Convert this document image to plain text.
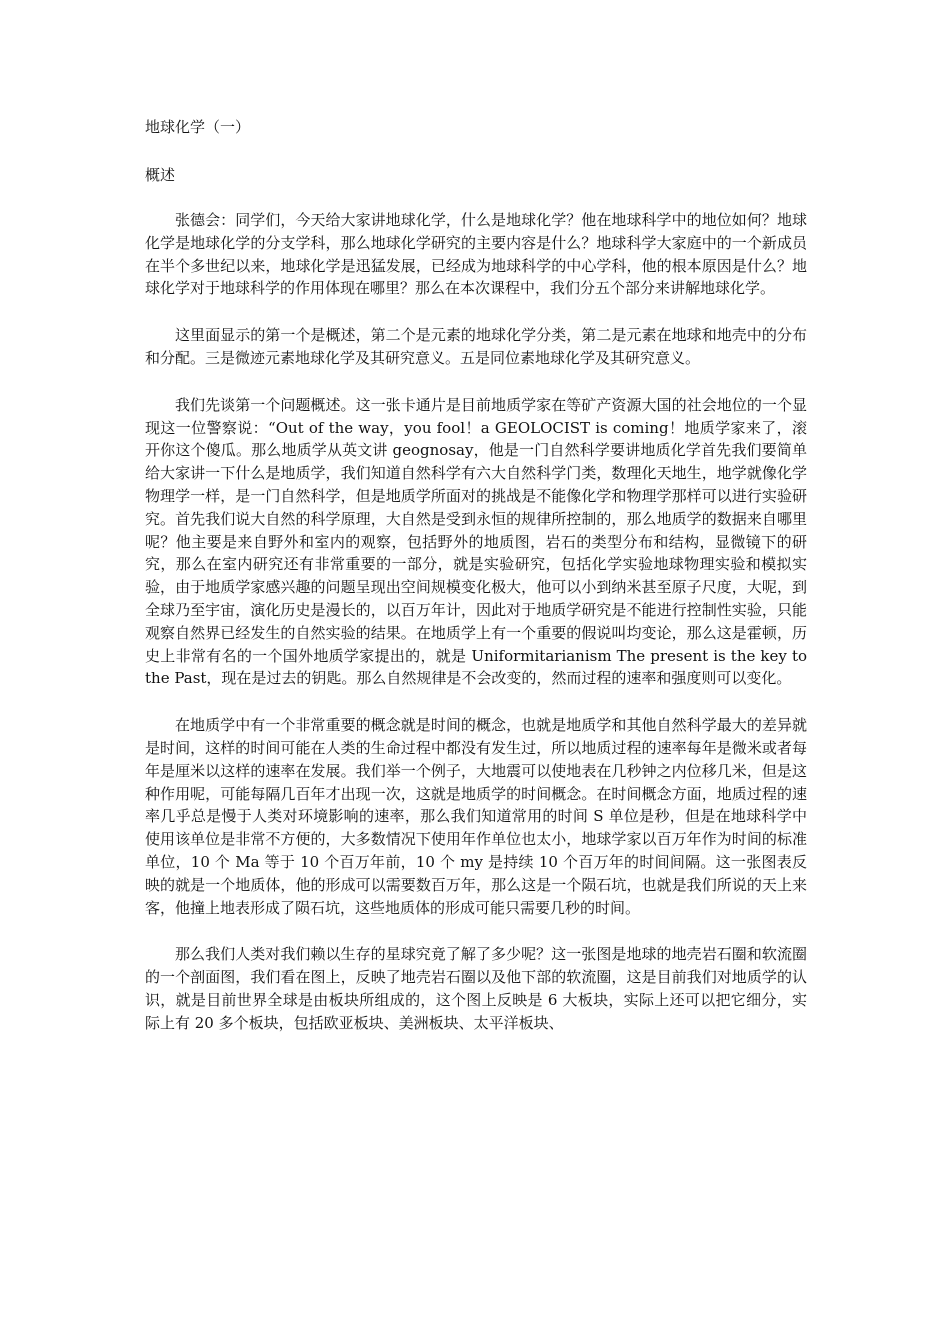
地球化学（一）
概述

张德会：同学们，今天给大家讲地球化学，什么是地球化学？他在地球科学中的地位如何？地球化学是地球化学的分支学科，那么地球化学研究的主要内容是什么？地球科学大家庭中的一个新成员在半个多世纪以来，地球化学是迅猛发展，已经成为地球科学的中心学科，他的根本原因是什么？地球化学对于地球科学的作用体现在哪里？那么在本次课程中，我们分五个部分来讲解地球化学。

这里面显示的第一个是概述，第二个是元素的地球化学分类，第二是元素在地球和地壳中的分布和分配。三是微迹元素地球化学及其研究意义。五是同位素地球化学及其研究意义。

我们先谈第一个问题概述。这一张卡通片是目前地质学家在等矿产资源大国的社会地位的一个显现这一位警察说：“Out of the way，you fool！a GEOLOCIST is coming！地质学家来了，滚开你这个傻瓜。那么地质学从英文讲 geognosay，他是一门自然科学要讲地质化学首先我们要简单给大家讲一下什么是地质学，我们知道自然科学有六大自然科学门类，数理化天地生，地学就像化学物理学一样，是一门自然科学，但是地质学所面对的挑战是不能像化学和物理学那样可以进行实验研究。首先我们说大自然的科学原理，大自然是受到永恒的规律所控制的，那么地质学的数据来自哪里呢？他主要是来自野外和室内的观察，包括野外的地质图，岩石的类型分布和结构，显微镜下的研究，那么在室内研究还有非常重要的一部分，就是实验研究，包括化学实验地球物理实验和模拟实验，由于地质学家感兴趣的问题呈现出空间规模变化极大，他可以小到纳米甚至原子尺度，大呢，到全球乃至宇宙，演化历史是漫长的，以百万年计，因此对于地质学研究是不能进行控制性实验，只能观察自然界已经发生的自然实验的结果。在地质学上有一个重要的假说叫均变论，那么这是霍顿，历史上非常有名的一个国外地质学家提出的，就是 Uniformitarianism The present is the key to the Past，现在是过去的钥匙。那么自然规律是不会改变的，然而过程的速率和强度则可以变化。

在地质学中有一个非常重要的概念就是时间的概念，也就是地质学和其他自然科学最大的差异就是时间，这样的时间可能在人类的生命过程中都没有发生过，所以地质过程的速率每年是微米或者每年是厘米以这样的速率在发展。我们举一个例子，大地震可以使地表在几秒钟之内位移几米，但是这种作用呢，可能每隔几百年才出现一次，这就是地质学的时间概念。在时间概念方面，地质过程的速率几乎总是慢于人类对环境影响的速率，那么我们知道常用的时间 S 单位是秒，但是在地球科学中使用该单位是非常不方便的，大多数情况下使用年作单位也太小，地球学家以百万年作为时间的标准单位，10 个 Ma 等于 10 个百万年前，10 个 my 是持续 10 个百万年的时间间隔。这一张图表反映的就是一个地质体，他的形成可以需要数百万年，那么这是一个陨石坑，也就是我们所说的天上来客，他撞上地表形成了陨石坑，这些地质体的形成可能只需要几秒的时间。

那么我们人类对我们赖以生存的星球究竟了解了多少呢？这一张图是地球的地壳岩石圈和软流圈的一个剖面图，我们看在图上，反映了地壳岩石圈以及他下部的软流圈，这是目前我们对地质学的认识，就是目前世界全球是由板块所组成的，这个图上反映是 6 大板块，实际上还可以把它细分，实际上有 20 多个板块，包括欧亚板块、美洲板块、太平洋板块、
